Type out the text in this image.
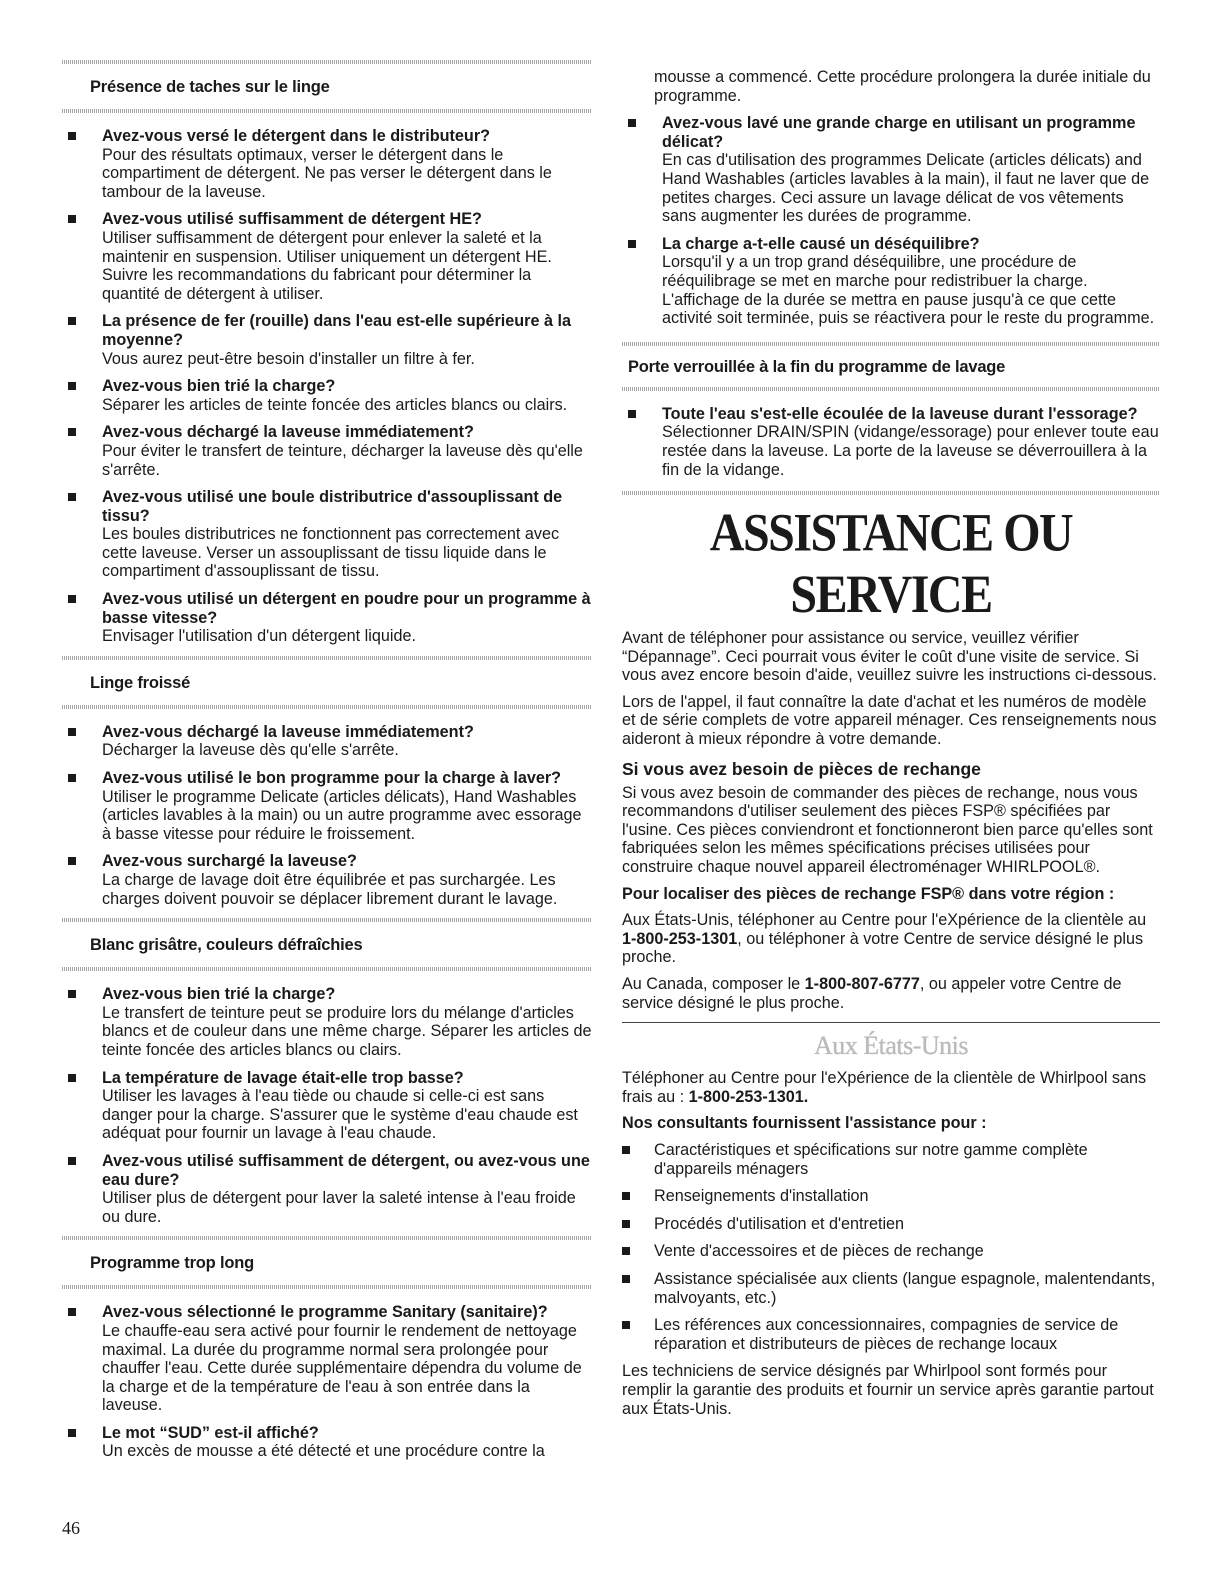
Présence de taches sur le linge
Avez-vous versé le détergent dans le distributeur?
Pour des résultats optimaux, verser le détergent dans le compartiment de détergent. Ne pas verser le détergent dans le tambour de la laveuse.
Avez-vous utilisé suffisamment de détergent HE?
Utiliser suffisamment de détergent pour enlever la saleté et la maintenir en suspension. Utiliser uniquement un détergent HE. Suivre les recommandations du fabricant pour déterminer la quantité de détergent à utiliser.
La présence de fer (rouille) dans l'eau est-elle supérieure à la moyenne?
Vous aurez peut-être besoin d'installer un filtre à fer.
Avez-vous bien trié la charge?
Séparer les articles de teinte foncée des articles blancs ou clairs.
Avez-vous déchargé la laveuse immédiatement?
Pour éviter le transfert de teinture, décharger la laveuse dès qu'elle s'arrête.
Avez-vous utilisé une boule distributrice d'assouplissant de tissu?
Les boules distributrices ne fonctionnent pas correctement avec cette laveuse. Verser un assouplissant de tissu liquide dans le compartiment d'assouplissant de tissu.
Avez-vous utilisé un détergent en poudre pour un programme à basse vitesse?
Envisager l'utilisation d'un détergent liquide.
Linge froissé
Avez-vous déchargé la laveuse immédiatement?
Décharger la laveuse dès qu'elle s'arrête.
Avez-vous utilisé le bon programme pour la charge à laver?
Utiliser le programme Delicate (articles délicats), Hand Washables (articles lavables à la main) ou un autre programme avec essorage à basse vitesse pour réduire le froissement.
Avez-vous surchargé la laveuse?
La charge de lavage doit être équilibrée et pas surchargée. Les charges doivent pouvoir se déplacer librement durant le lavage.
Blanc grisâtre, couleurs défraîchies
Avez-vous bien trié la charge?
Le transfert de teinture peut se produire lors du mélange d'articles blancs et de couleur dans une même charge. Séparer les articles de teinte foncée des articles blancs ou clairs.
La température de lavage était-elle trop basse?
Utiliser les lavages à l'eau tiède ou chaude si celle-ci est sans danger pour la charge. S'assurer que le système d'eau chaude est adéquat pour fournir un lavage à l'eau chaude.
Avez-vous utilisé suffisamment de détergent, ou avez-vous une eau dure?
Utiliser plus de détergent pour laver la saleté intense à l'eau froide ou dure.
Programme trop long
Avez-vous sélectionné le programme Sanitary (sanitaire)?
Le chauffe-eau sera activé pour fournir le rendement de nettoyage maximal. La durée du programme normal sera prolongée pour chauffer l'eau. Cette durée supplémentaire dépendra du volume de la charge et de la température de l'eau à son entrée dans la laveuse.
Le mot “SUD” est-il affiché?
Un excès de mousse a été détecté et une procédure contre la
mousse a commencé. Cette procédure prolongera la durée initiale du programme.
Avez-vous lavé une grande charge en utilisant un programme délicat?
En cas d'utilisation des programmes Delicate (articles délicats) and Hand Washables (articles lavables à la main), il faut ne laver que de petites charges. Ceci assure un lavage délicat de vos vêtements sans augmenter les durées de programme.
La charge a-t-elle causé un déséquilibre?
Lorsqu'il y a un trop grand déséquilibre, une procédure de rééquilibrage se met en marche pour redistribuer la charge. L'affichage de la durée se mettra en pause jusqu'à ce que cette activité soit terminée, puis se réactivera pour le reste du programme.
Porte verrouillée à la fin du programme de lavage
Toute l'eau s'est-elle écoulée de la laveuse durant l'essorage?
Sélectionner DRAIN/SPIN (vidange/essorage) pour enlever toute eau restée dans la laveuse. La porte de la laveuse se déverrouillera à la fin de la vidange.
ASSISTANCE OU SERVICE

Avant de téléphoner pour assistance ou service, veuillez vérifier “Dépannage”. Ceci pourrait vous éviter le coût d'une visite de service. Si vous avez encore besoin d'aide, veuillez suivre les instructions ci-dessous.

Lors de l'appel, il faut connaître la date d'achat et les numéros de modèle et de série complets de votre appareil ménager. Ces renseignements nous aideront à mieux répondre à votre demande.

Si vous avez besoin de pièces de rechange

Si vous avez besoin de commander des pièces de rechange, nous vous recommandons d'utiliser seulement des pièces FSP® spécifiées par l'usine. Ces pièces conviendront et fonctionneront bien parce qu'elles sont fabriquées selon les mêmes spécifications précises utilisées pour construire chaque nouvel appareil électroménager WHIRLPOOL®.

Pour localiser des pièces de rechange FSP® dans votre région :

Aux États-Unis, téléphoner au Centre pour l'eXpérience de la clientèle au 1-800-253-1301, ou téléphoner à votre Centre de service désigné le plus proche.

Au Canada, composer le 1-800-807-6777, ou appeler votre Centre de service désigné le plus proche.

Aux États-Unis

Téléphoner au Centre pour l'eXpérience de la clientèle de Whirlpool sans frais au : 1-800-253-1301.

Nos consultants fournissent l'assistance pour :
Caractéristiques et spécifications sur notre gamme complète d'appareils ménagers
Renseignements d'installation
Procédés d'utilisation et d'entretien
Vente d'accessoires et de pièces de rechange
Assistance spécialisée aux clients (langue espagnole, malentendants, malvoyants, etc.)
Les références aux concessionnaires, compagnies de service de réparation et distributeurs de pièces de rechange locaux

Les techniciens de service désignés par Whirlpool sont formés pour remplir la garantie des produits et fournir un service après garantie partout aux États-Unis.

46
